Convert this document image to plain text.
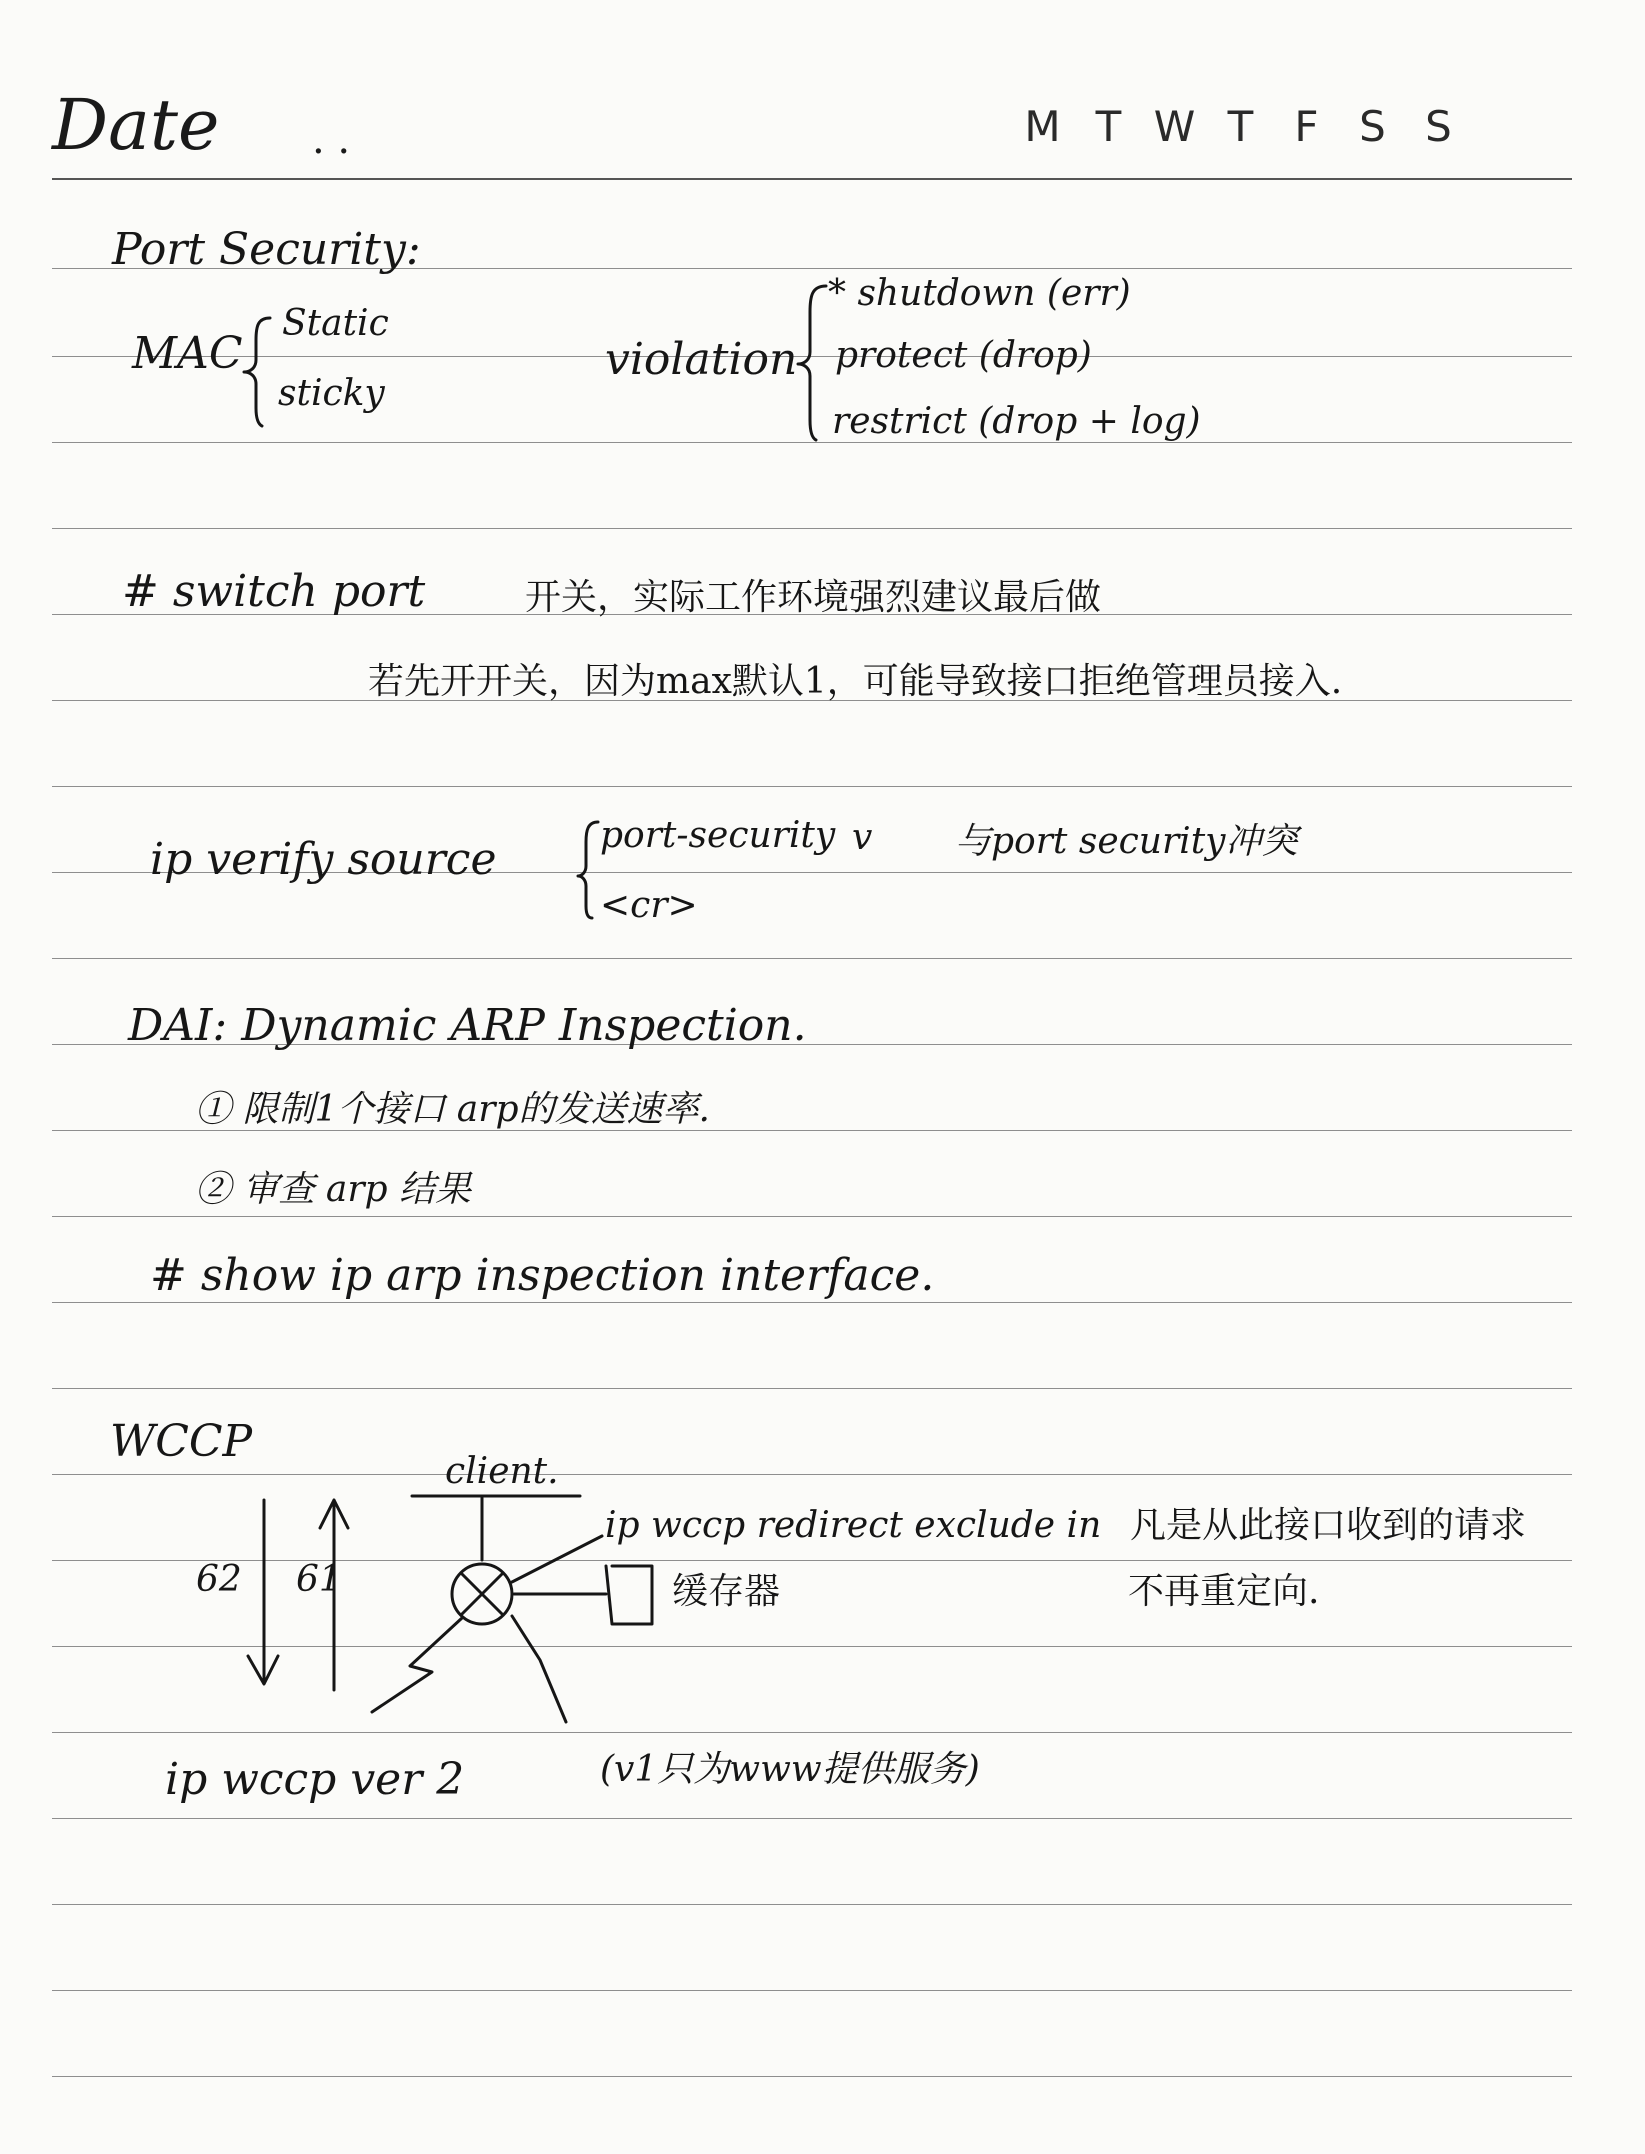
Date . .	M T W T F S S
Port Security:
MAC
Static
sticky
violation
* shutdown (err)
protect (drop)
restrict (drop + log)
# switch port	开关，实际工作环境强烈建议最后做
若先开开关，因为max默认1，可能导致接口拒绝管理员接入.
ip verify source	port-security
<cr>
v 与port security冲突
DAI: Dynamic ARP Inspection.
① 限制1个接口 arp的发送速率.
② 审查 arp 结果
# show ip arp inspection interface.
WCCP
client.
62 61
ip wccp redirect exclude in 凡是从此接口收到的请求
不再重定向.
缓存器
ip wccp ver 2	(v1只为www提供服务)
